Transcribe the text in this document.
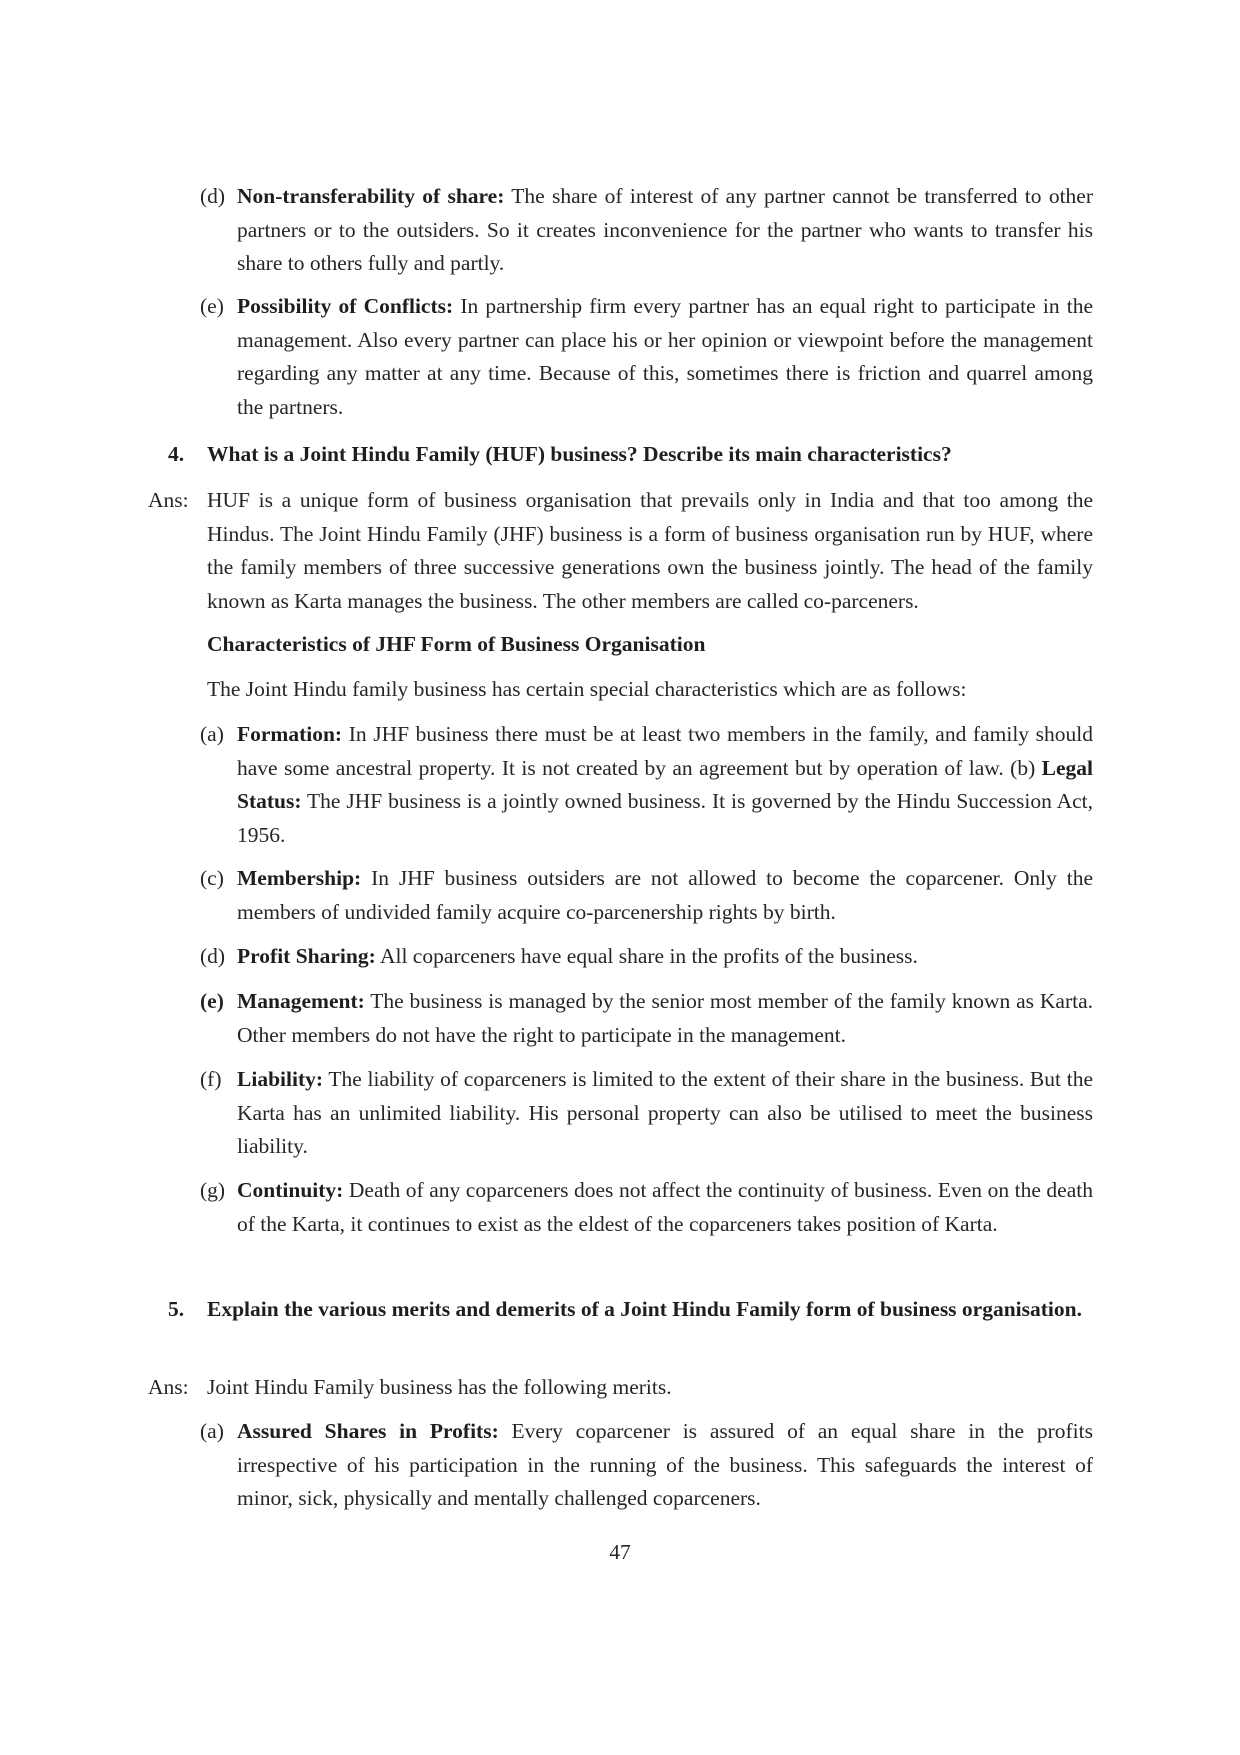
(d) Non-transferability of share: The share of interest of any partner cannot be transferred to other partners or to the outsiders. So it creates inconvenience for the partner who wants to transfer his share to others fully and partly.
(e) Possibility of Conflicts: In partnership firm every partner has an equal right to participate in the management. Also every partner can place his or her opinion or viewpoint before the management regarding any matter at any time. Because of this, sometimes there is friction and quarrel among the partners.
4. What is a Joint Hindu Family (HUF) business? Describe its main characteristics?
Ans: HUF is a unique form of business organisation that prevails only in India and that too among the Hindus. The Joint Hindu Family (JHF) business is a form of business organisation run by HUF, where the family members of three successive generations own the business jointly. The head of the family known as Karta manages the business. The other members are called co-parceners.
Characteristics of JHF Form of Business Organisation
The Joint Hindu family business has certain special characteristics which are as follows:
(a) Formation: In JHF business there must be at least two members in the family, and family should have some ancestral property. It is not created by an agreement but by operation of law. (b) Legal Status: The JHF business is a jointly owned business. It is governed by the Hindu Succession Act, 1956.
(c) Membership: In JHF business outsiders are not allowed to become the coparcener. Only the members of undivided family acquire co-parcenership rights by birth.
(d) Profit Sharing: All coparceners have equal share in the profits of the business.
(e) Management: The business is managed by the senior most member of the family known as Karta. Other members do not have the right to participate in the management.
(f) Liability: The liability of coparceners is limited to the extent of their share in the business. But the Karta has an unlimited liability. His personal property can also be utilised to meet the business liability.
(g) Continuity: Death of any coparceners does not affect the continuity of business. Even on the death of the Karta, it continues to exist as the eldest of the coparceners takes position of Karta.
5. Explain the various merits and demerits of a Joint Hindu Family form of business organisation.
Ans: Joint Hindu Family business has the following merits.
(a) Assured Shares in Profits: Every coparcener is assured of an equal share in the profits irrespective of his participation in the running of the business. This safeguards the interest of minor, sick, physically and mentally challenged coparceners.
47
